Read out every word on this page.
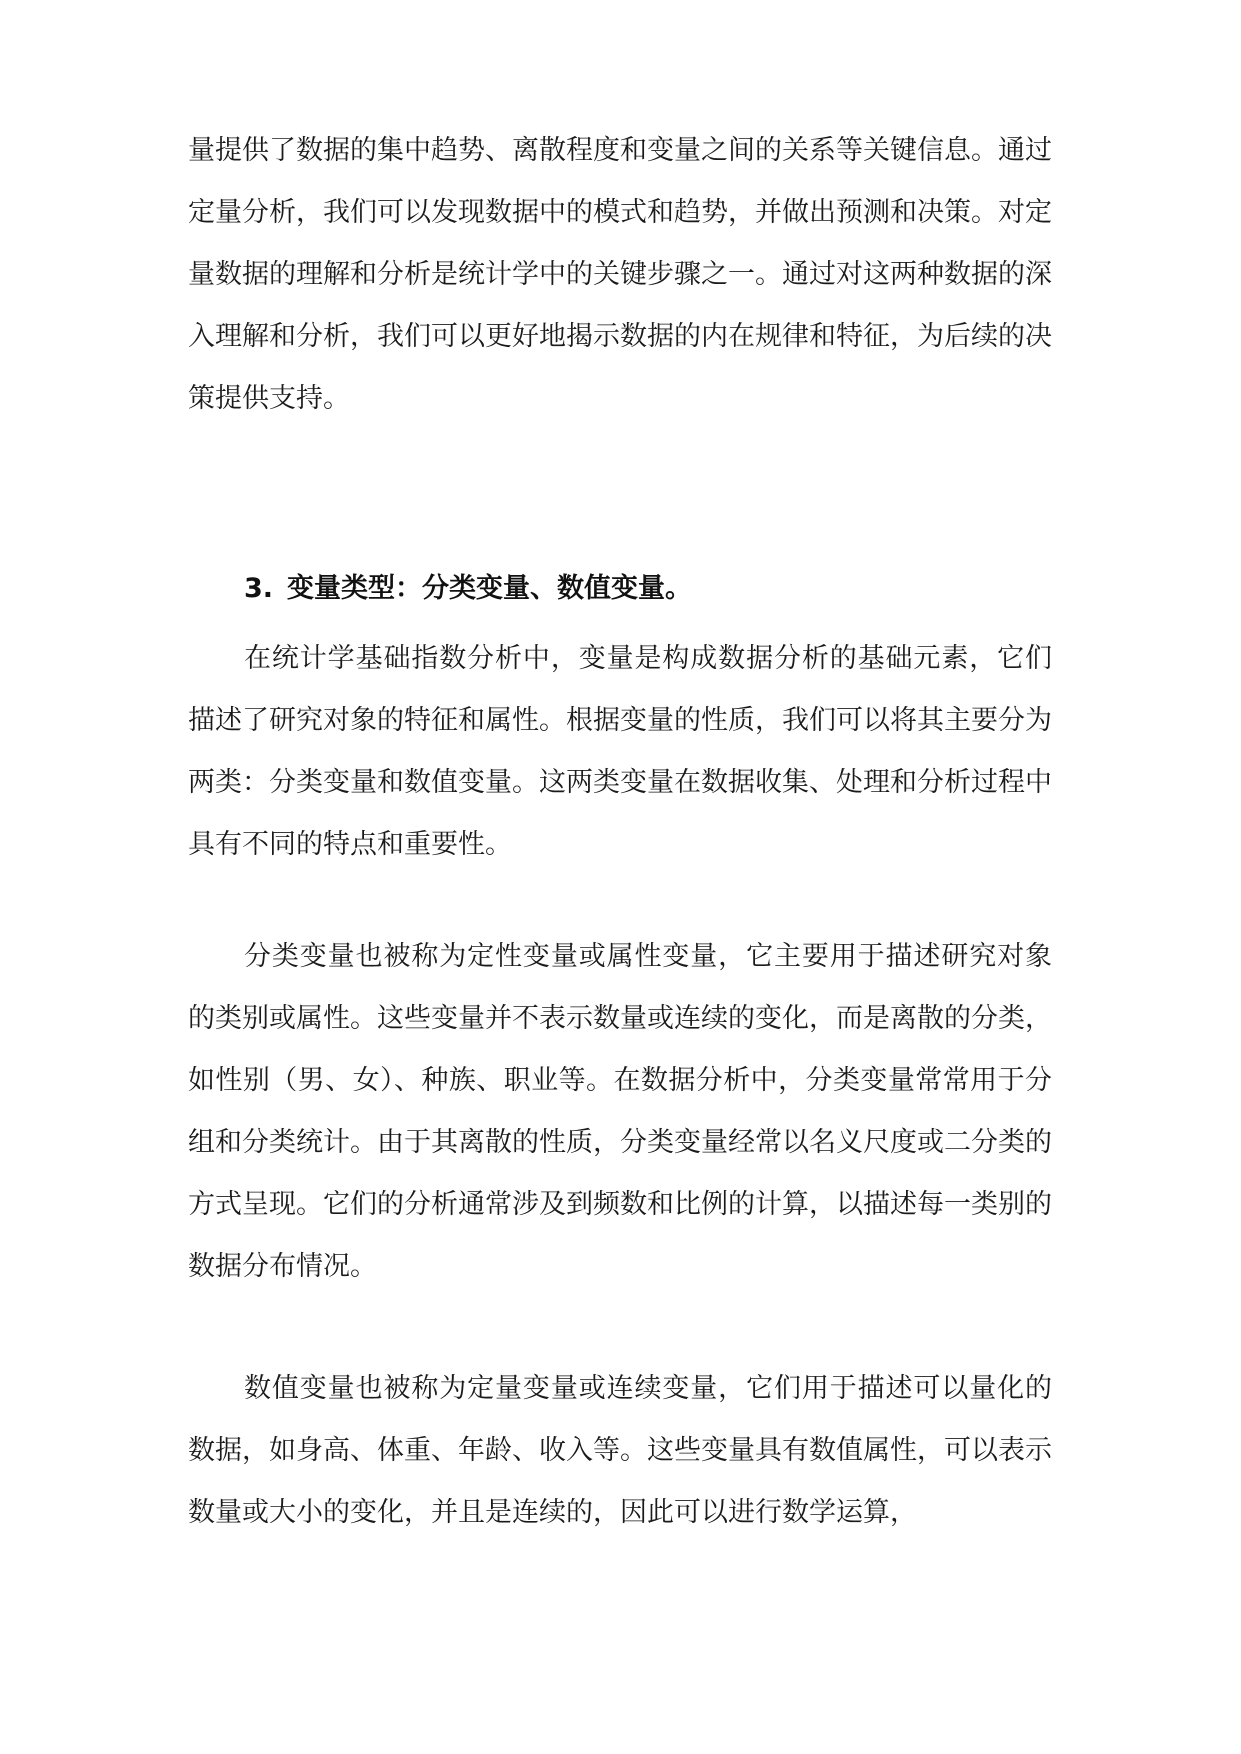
量提供了数据的集中趋势、离散程度和变量之间的关系等关键信息。通过定量分析，我们可以发现数据中的模式和趋势，并做出预测和决策。对定量数据的理解和分析是统计学中的关键步骤之一。通过对这两种数据的深入理解和分析，我们可以更好地揭示数据的内在规律和特征，为后续的决策提供支持。

3. 变量类型：分类变量、数值变量。

在统计学基础指数分析中，变量是构成数据分析的基础元素，它们描述了研究对象的特征和属性。根据变量的性质，我们可以将其主要分为两类：分类变量和数值变量。这两类变量在数据收集、处理和分析过程中具有不同的特点和重要性。

分类变量也被称为定性变量或属性变量，它主要用于描述研究对象的类别或属性。这些变量并不表示数量或连续的变化，而是离散的分类，如性别（男、女）、种族、职业等。在数据分析中，分类变量常常用于分组和分类统计。由于其离散的性质，分类变量经常以名义尺度或二分类的方式呈现。它们的分析通常涉及到频数和比例的计算，以描述每一类别的数据分布情况。

数值变量也被称为定量变量或连续变量，它们用于描述可以量化的数据，如身高、体重、年龄、收入等。这些变量具有数值属性，可以表示数量或大小的变化，并且是连续的，因此可以进行数学运算，
